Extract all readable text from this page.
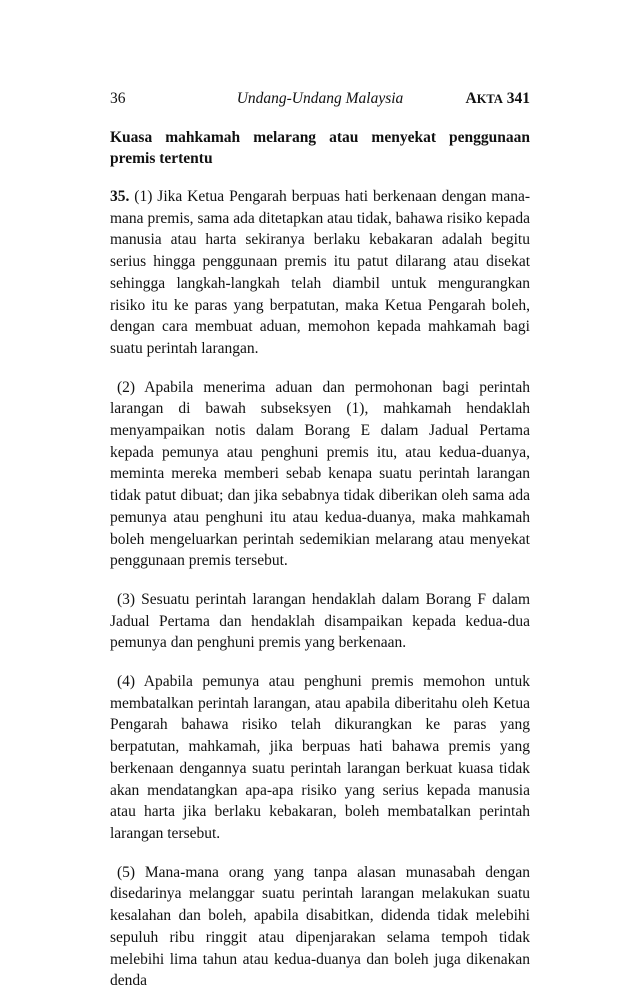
36	Undang-Undang Malaysia	AKTA 341
Kuasa mahkamah melarang atau menyekat penggunaan premis tertentu

35. (1) Jika Ketua Pengarah berpuas hati berkenaan dengan mana-mana premis, sama ada ditetapkan atau tidak, bahawa risiko kepada manusia atau harta sekiranya berlaku kebakaran adalah begitu serius hingga penggunaan premis itu patut dilarang atau disekat sehingga langkah-langkah telah diambil untuk mengurangkan risiko itu ke paras yang berpatutan, maka Ketua Pengarah boleh, dengan cara membuat aduan, memohon kepada mahkamah bagi suatu perintah larangan.

(2) Apabila menerima aduan dan permohonan bagi perintah larangan di bawah subseksyen (1), mahkamah hendaklah menyampaikan notis dalam Borang E dalam Jadual Pertama kepada pemunya atau penghuni premis itu, atau kedua-duanya, meminta mereka memberi sebab kenapa suatu perintah larangan tidak patut dibuat; dan jika sebabnya tidak diberikan oleh sama ada pemunya atau penghuni itu atau kedua-duanya, maka mahkamah boleh mengeluarkan perintah sedemikian melarang atau menyekat penggunaan premis tersebut.

(3) Sesuatu perintah larangan hendaklah dalam Borang F dalam Jadual Pertama dan hendaklah disampaikan kepada kedua-dua pemunya dan penghuni premis yang berkenaan.

(4) Apabila pemunya atau penghuni premis memohon untuk membatalkan perintah larangan, atau apabila diberitahu oleh Ketua Pengarah bahawa risiko telah dikurangkan ke paras yang berpatutan, mahkamah, jika berpuas hati bahawa premis yang berkenaan dengannya suatu perintah larangan berkuat kuasa tidak akan mendatangkan apa-apa risiko yang serius kepada manusia atau harta jika berlaku kebakaran, boleh membatalkan perintah larangan tersebut.

(5) Mana-mana orang yang tanpa alasan munasabah dengan disedarinya melanggar suatu perintah larangan melakukan suatu kesalahan dan boleh, apabila disabitkan, didenda tidak melebihi sepuluh ribu ringgit atau dipenjarakan selama tempoh tidak melebihi lima tahun atau kedua-duanya dan boleh juga dikenakan denda
